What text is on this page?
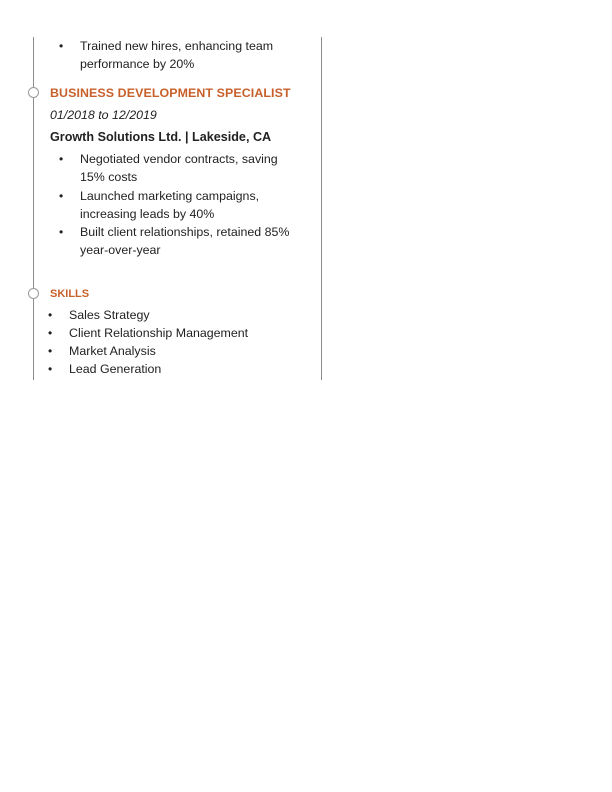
• Trained new hires, enhancing team
performance by 20%
BUSINESS DEVELOPMENT SPECIALIST
01/2018 to 12/2019
Growth Solutions Ltd. | Lakeside, CA
• Negotiated vendor contracts, saving
15% costs
• Launched marketing campaigns,
increasing leads by 40%
• Built client relationships, retained 85%
year-over-year
SKILLS
• Sales Strategy
• Client Relationship Management
• Market Analysis
• Lead Generation
